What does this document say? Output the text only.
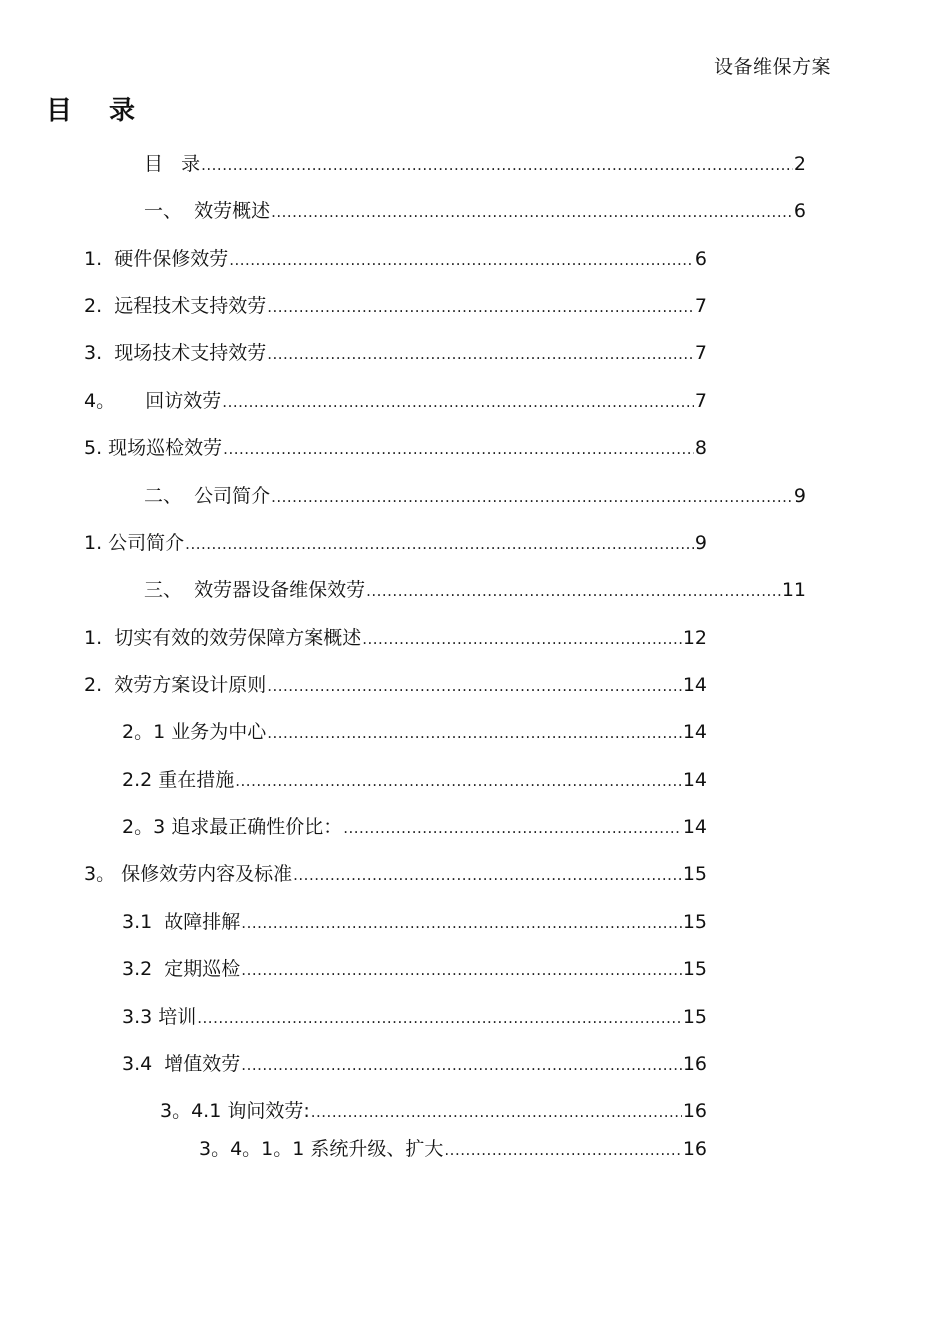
设备维保方案
目 录
目   录 .....	2
一、  效劳概述 .....	6
1.  硬件保修效劳 .....	6
2.  远程技术支持效劳 .....	7
3.  现场技术支持效劳 .....	7
4。     回访效劳 .....	7
5. 现场巡检效劳 .....	8
二、  公司简介 .....	9
1. 公司简介 .....	9
三、  效劳器设备维保效劳 .....	11
1.  切实有效的效劳保障方案概述 .....	12
2.  效劳方案设计原则 .....	14
2。1 业务为中心 .....	14
2.2 重在措施 .....	14
2。3 追求最正确性价比： .....	14
3。 保修效劳内容及标准 .....	15
3.1  故障排解 .....	15
3.2  定期巡检 .....	15
3.3 培训 .....	15
3.4  增值效劳 .....	16
3。4.1 询问效劳: .....	16
3。4。1。1 系统升级、扩大 .....	16
